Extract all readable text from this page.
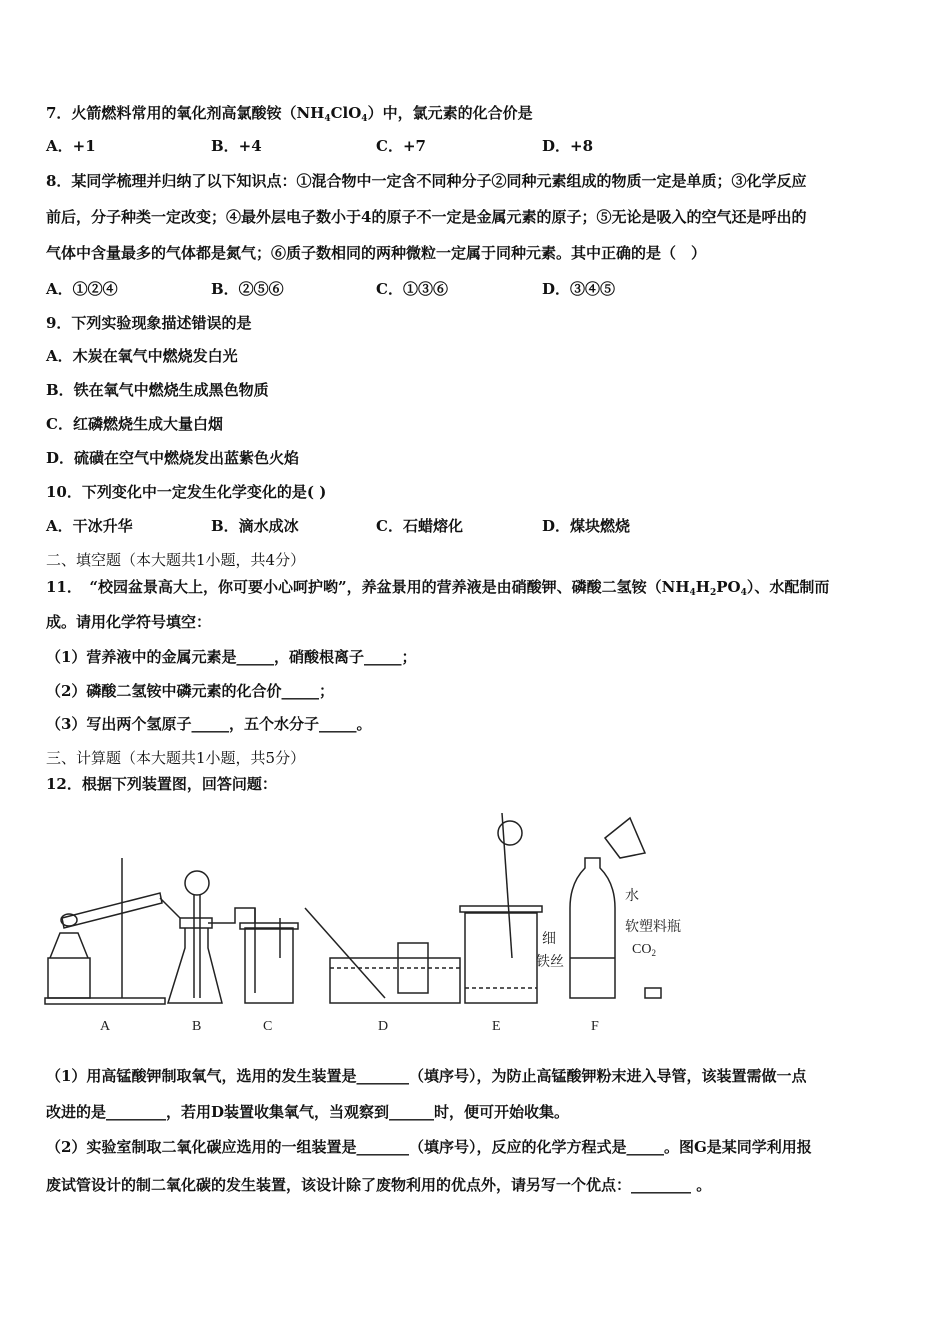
7．火箭燃料常用的氧化剂高氯酸铵$(NH_4ClO_4)$中，氯元素的化合价是
A．+1	B．+4	C．+7	D．+8
8．某同学梳理并归纳了以下知识点：①混合物中一定含不同种分子②同种元素组成的物质一定是单质；③化学反应
前后，分子种类一定改变；④最外层电子数小于4的原子不一定是金属元素的原子；⑤无论是吸入的空气还是呼出的
气体中含量最多的气体都是氮气；⑥质子数相同的两种微粒一定属于同种元素。其中正确的是（　）
A．①②④	B．②⑤⑥	C．①③⑥	D．③④⑤
9．下列实验现象描述错误的是
A．木炭在氧气中燃烧发白光
B．铁在氧气中燃烧生成黑色物质
C．红磷燃烧生成大量白烟
D．硫磺在空气中燃烧发出蓝紫色火焰
10．下列变化中一定发生化学变化的是( )
A．干冰升华	B．滴水成冰	C．石蜡熔化	D．煤块燃烧
二、填空题（本大题共1小题，共4分）
11．　“校园盆景高大上，你可要小心呵护哟”，养盆景用的营养液是由硝酸钾、磷酸二氢铵$(NH_4H_2PO_4)$、水配制而
成。请用化学符号填空：
（1）营养液中的金属元素是_____，硝酸根离子_____；
（2）磷酸二氢铵中磷元素的化合价_____；
（3）写出两个氢原子_____，五个水分子_____。
三、计算题（本大题共1小题，共5分）
12．根据下列装置图，回答问题：
A	B	C	D	E	F
水
软塑料瓶
$CO_2$
细
铁丝
（1）用高锰酸钾制取氧气，选用的发生装置是_______（填序号），为防止高锰酸钾粉末进入导管，该装置需做一点
改进的是________，若用D装置收集氧气，当观察到______时，便可开始收集。
（2）实验室制取二氧化碳应选用的一组装置是_______（填序号），反应的化学方程式是_____。图G是某同学利用报
废试管设计的制二氧化碳的发生装置，该设计除了废物利用的优点外，请另写一个优点：________ 。
